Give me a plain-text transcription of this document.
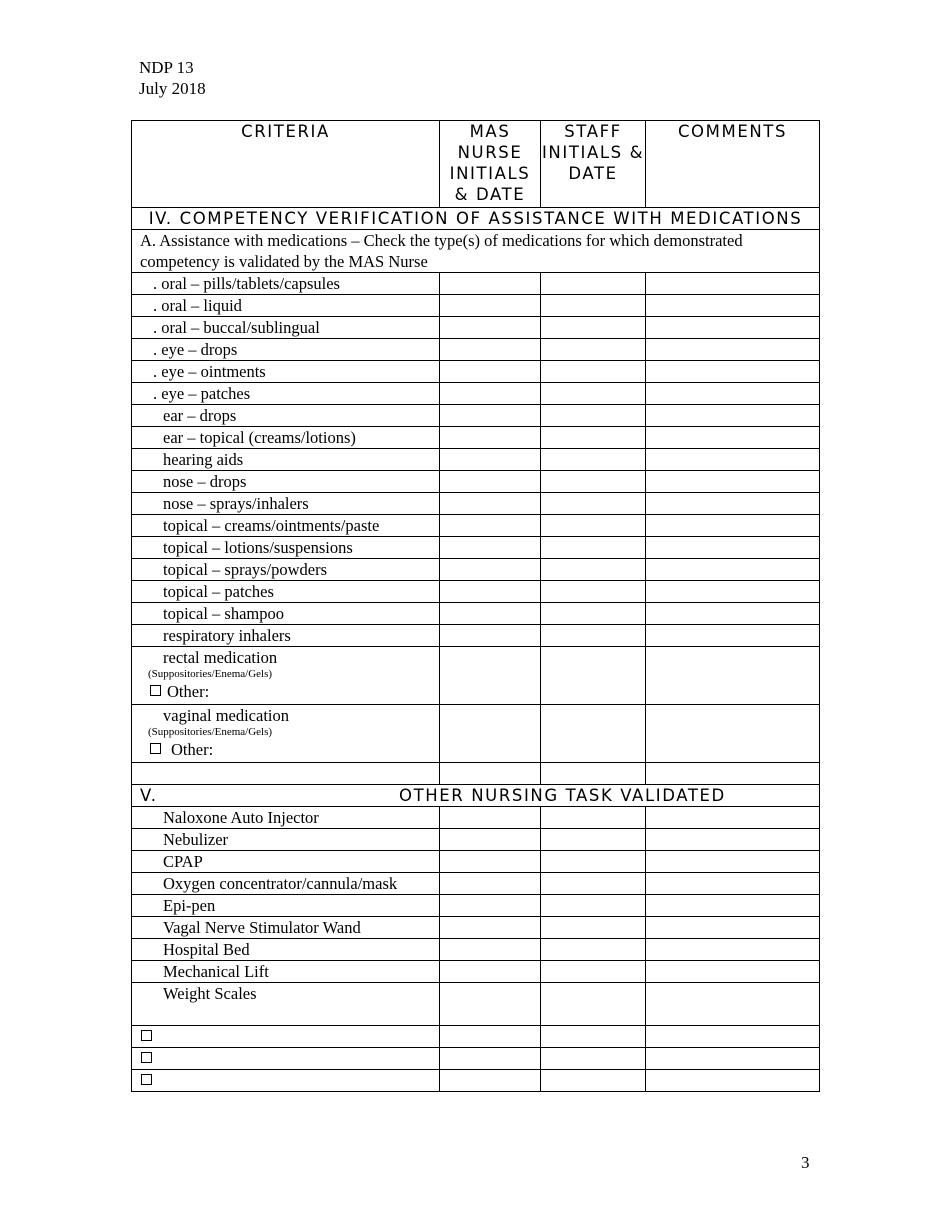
NDP 13
July 2018
CRITERIA	MAS NURSE INITIALS & DATE	STAFF INITIALS & DATE	COMMENTS
IV. COMPETENCY VERIFICATION OF ASSISTANCE WITH MEDICATIONS			
A. Assistance with medications – Check the type(s) of medications for which demonstrated competency is validated by the MAS Nurse			
. oral – pills/tablets/capsules			
. oral – liquid			
. oral – buccal/sublingual			
. eye – drops			
. eye – ointments			
. eye – patches			
ear – drops			
ear – topical (creams/lotions)			
hearing aids			
nose – drops			
nose – sprays/inhalers			
topical – creams/ointments/paste			
topical – lotions/suspensions			
topical – sprays/powders			
topical – patches			
topical – shampoo			
respiratory inhalers			
rectal medication
(Suppositories/Enema/Gels)
Other:			

vaginal medication
(Suppositories/Enema/Gels)
Other:			

V. OTHER NURSING TASK VALIDATED			

Naloxone Auto Injector			
Nebulizer			
CPAP			
Oxygen concentrator/cannula/mask			
Epi-pen			
Vagal Nerve Stimulator Wand			
Hospital Bed			
Mechanical Lift			
Weight Scales			

3
